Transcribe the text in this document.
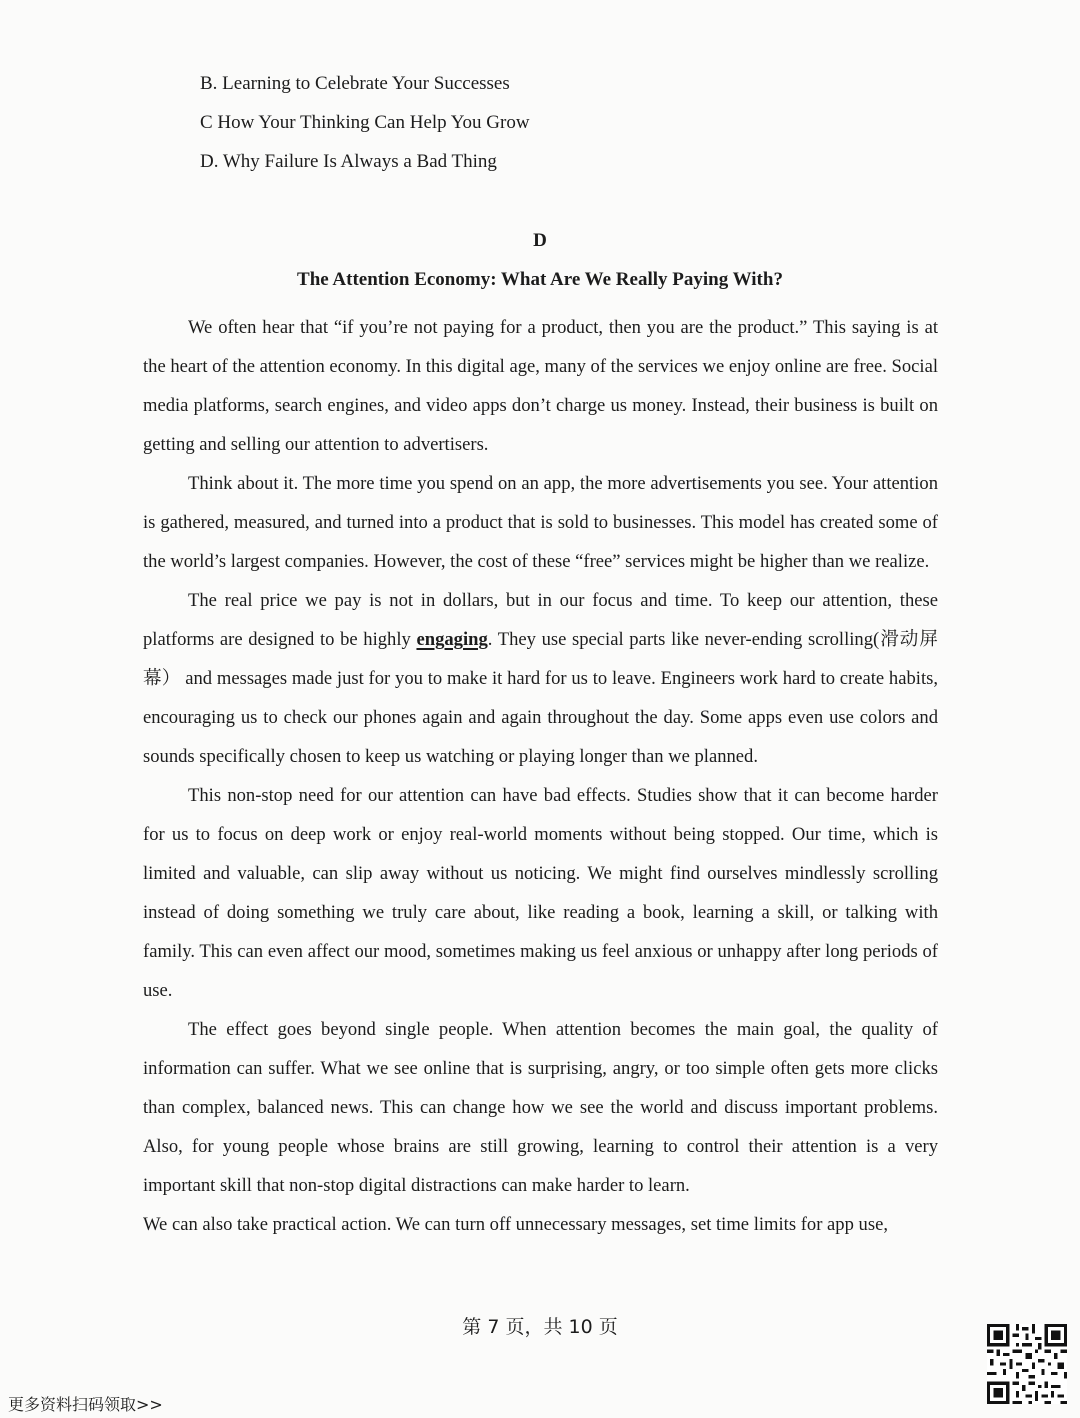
B. Learning to Celebrate Your Successes
C How Your Thinking Can Help You Grow
D. Why Failure Is Always a Bad Thing
D
The Attention Economy: What Are We Really Paying With?

We often hear that “if you’re not paying for a product, then you are the product.” This saying is at the heart of the attention economy. In this digital age, many of the services we enjoy online are free. Social media platforms, search engines, and video apps don’t charge us money. Instead, their business is built on getting and selling our attention to advertisers.

Think about it. The more time you spend on an app, the more advertisements you see. Your attention is gathered, measured, and turned into a product that is sold to businesses. This model has created some of the world’s largest companies. However, the cost of these “free” services might be higher than we realize.

The real price we pay is not in dollars, but in our focus and time. To keep our attention, these platforms are designed to be highly engaging. They use special parts like never-ending scrolling(滑动屏幕） and messages made just for you to make it hard for us to leave. Engineers work hard to create habits, encouraging us to check our phones again and again throughout the day. Some apps even use colors and sounds specifically chosen to keep us watching or playing longer than we planned.

This non-stop need for our attention can have bad effects. Studies show that it can become harder for us to focus on deep work or enjoy real-world moments without being stopped. Our time, which is limited and valuable, can slip away without us noticing. We might find ourselves mindlessly scrolling instead of doing something we truly care about, like reading a book, learning a skill, or talking with family. This can even affect our mood, sometimes making us feel anxious or unhappy after long periods of use.

The effect goes beyond single people. When attention becomes the main goal, the quality of information can suffer. What we see online that is surprising, angry, or too simple often gets more clicks than complex, balanced news. This can change how we see the world and discuss important problems. Also, for young people whose brains are still growing, learning to control their attention is a very important skill that non-stop digital distractions can make harder to learn.

We can also take practical action. We can turn off unnecessary messages, set time limits for app use,

第 7 页，共 10 页
更多资料扫码领取>>
